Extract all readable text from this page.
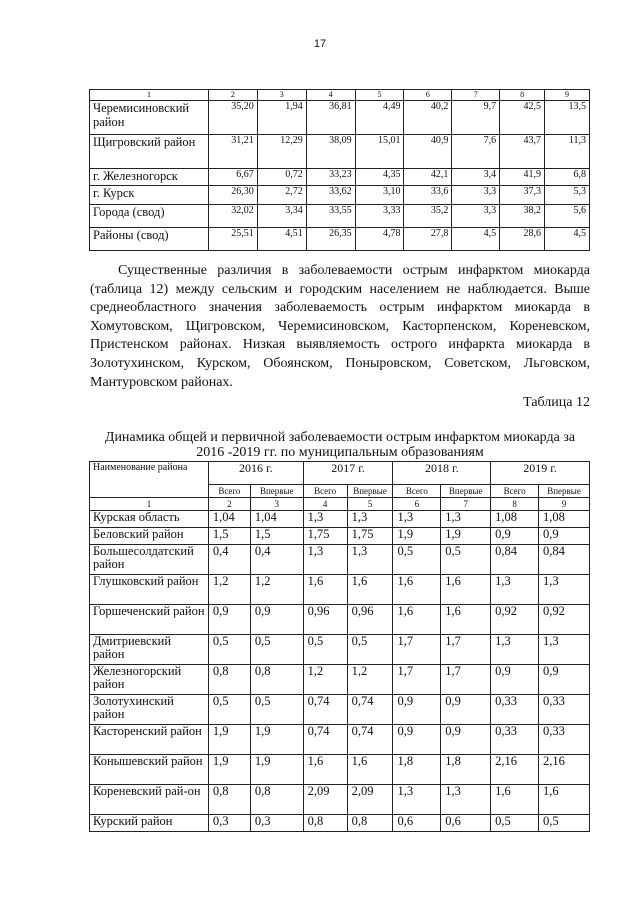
17
1	2	3	4	5	6	7	8	9
Черемисиновский район	35,20	1,94	36,81	4,49	40,2	9,7	42,5	13,5
Щигровский район	31,21	12,29	38,09	15,01	40,9	7,6	43,7	11,3
г. Железногорск	6,67	0,72	33,23	4,35	42,1	3,4	41,9	6,8
г. Курск	26,30	2,72	33,62	3,10	33,6	3,3	37,3	5,3
Города (свод)	32,02	3,34	33,55	3,33	35,2	3,3	38,2	5,6
Районы (свод)	25,51	4,51	26,35	4,78	27,8	4,5	28,6	4,5
Существенные различия в заболеваемости острым инфарктом миокарда (таблица 12) между сельским и городским населением не наблюдается. Выше среднеобластного значения заболеваемость острым инфарктом миокарда в Хомутовском, Щигровском, Черемисиновском, Касторпенском, Кореневском, Пристенском районах. Низкая выявляемость острого инфаркта миокарда в Золотухинском, Курском, Обоянском, Поныровском, Советском, Льговском, Мантуровском районах.
Таблица 12
Динамика общей и первичной заболеваемости острым инфарктом миокарда за 2016 -2019 гг. по муниципальным образованиям
Наименование района	2016 г.		2017 г.		2018 г.		2019 г.	
	Всего	Впервые	Всего	Впервые	Всего	Впервые	Всего	Впервые
1	2	3	4	5	6	7	8	9
Курская область	1,04	1,04	1,3	1,3	1,3	1,3	1,08	1,08
Беловский район	1,5	1,5	1,75	1,75	1,9	1,9	0,9	0,9
Большесолдатский район	0,4	0,4	1,3	1,3	0,5	0,5	0,84	0,84
Глушковский район	1,2	1,2	1,6	1,6	1,6	1,6	1,3	1,3
Горшеченский район	0,9	0,9	0,96	0,96	1,6	1,6	0,92	0,92
Дмитриевский район	0,5	0,5	0,5	0,5	1,7	1,7	1,3	1,3
Железногорский район	0,8	0,8	1,2	1,2	1,7	1,7	0,9	0,9
Золотухинский район	0,5	0,5	0,74	0,74	0,9	0,9	0,33	0,33
Касторенский район	1,9	1,9	0,74	0,74	0,9	0,9	0,33	0,33
Конышевский район	1,9	1,9	1,6	1,6	1,8	1,8	2,16	2,16
Кореневский рай-он	0,8	0,8	2,09	2,09	1,3	1,3	1,6	1,6
Курский район	0,3	0,3	0,8	0,8	0,6	0,6	0,5	0,5
